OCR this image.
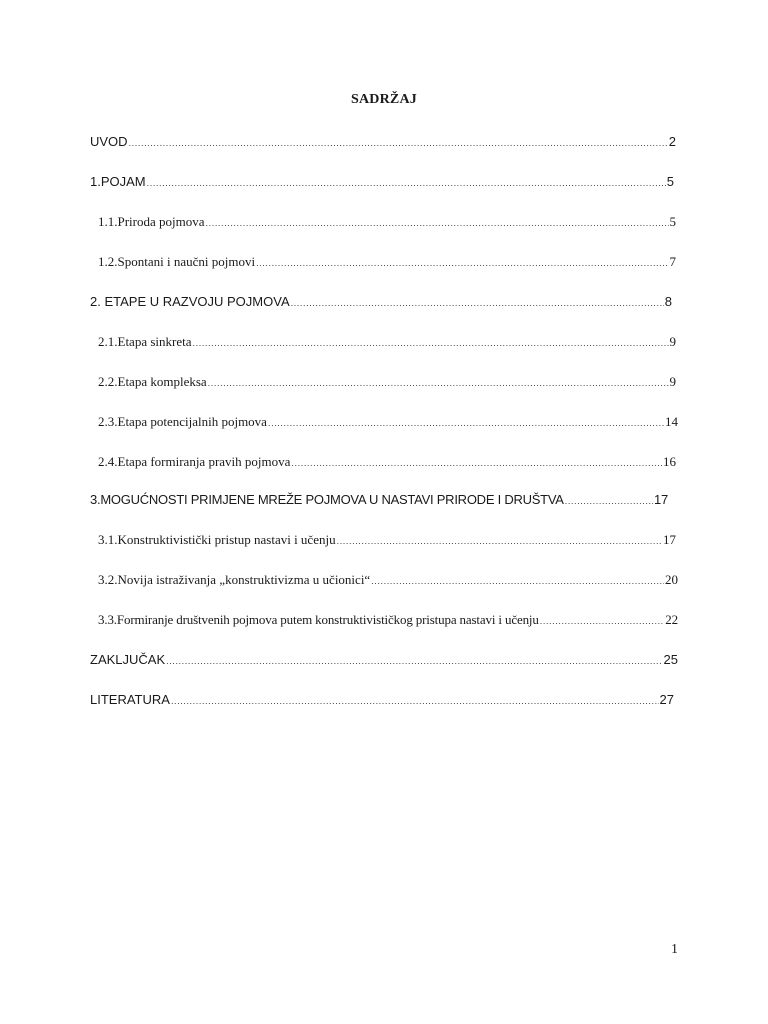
SADRŽAJ
UVOD .....	2
1.POJAM .....	5
1.1.Priroda pojmova .....	5
1.2.Spontani i naučni pojmovi .....	7
2. ETAPE U RAZVOJU POJMOVA .....	8
2.1.Etapa sinkreta .....	9
2.2.Etapa kompleksa .....	9
2.3.Etapa potencijalnih pojmova .....	14
2.4.Etapa formiranja pravih pojmova .....	16
3.MOGUĆNOSTI PRIMJENE MREŽE POJMOVA U NASTAVI PRIRODE I DRUŠTVA .....	17
3.1.Konstruktivistički pristup nastavi i učenju .....	17
3.2.Novija istraživanja „konstruktivizma u učionici“ .....	20
3.3.Formiranje društvenih pojmova putem konstruktivističkog pristupa nastavi i učenju .....	22
ZAKLJUČAK .....	25
LITERATURA .....	27
1
